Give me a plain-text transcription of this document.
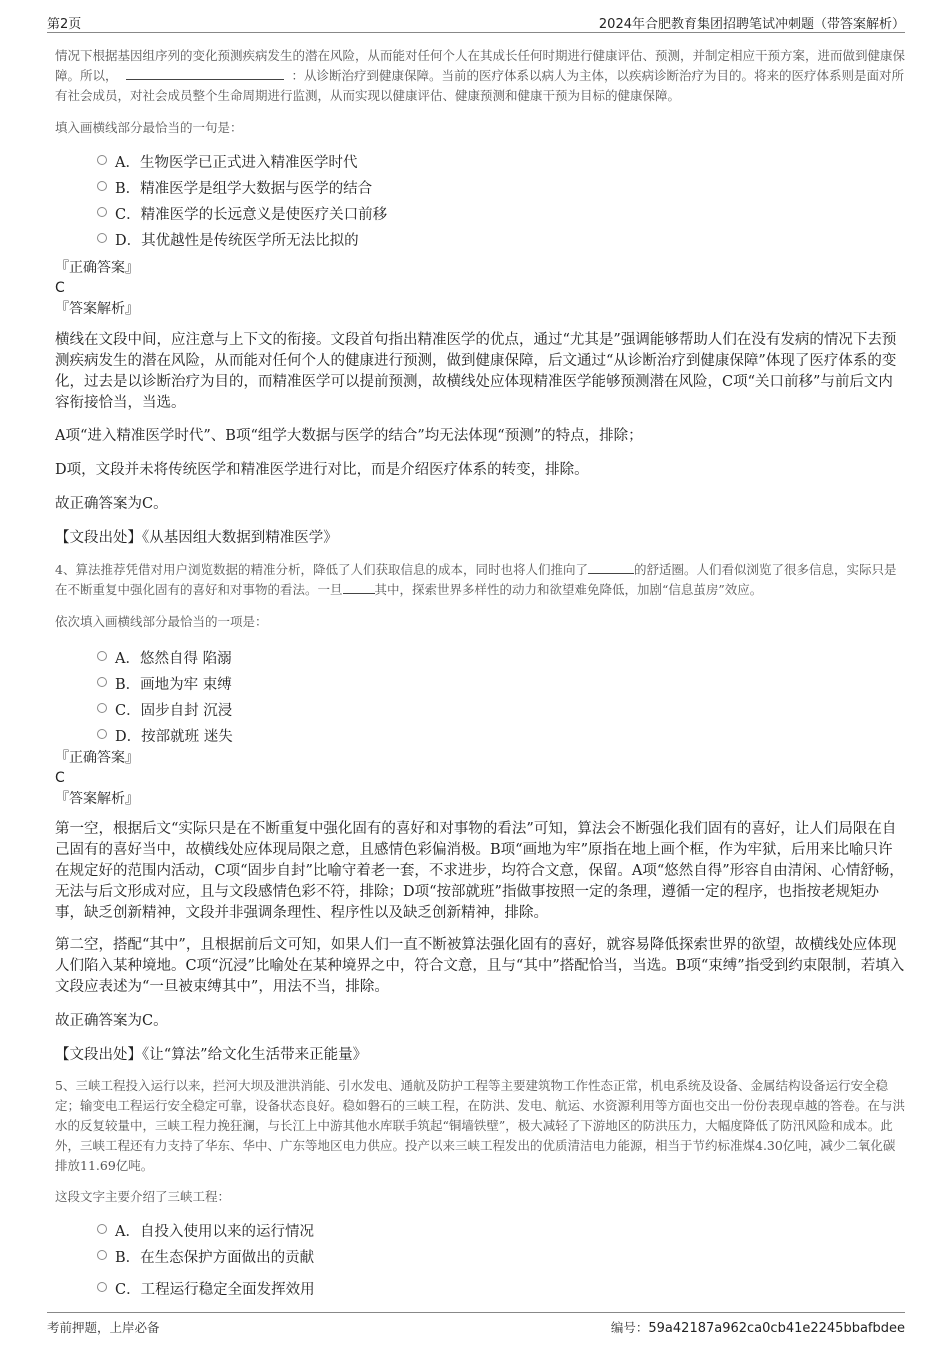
第2页	2024年合肥教育集团招聘笔试冲刺题（带答案解析）

情况下根据基因组序列的变化预测疾病发生的潜在风险，从而能对任何个人在其成长任何时期进行健康评估、预测，并制定相应干预方案，进而做到健康保障。所以，	：从诊断治疗到健康保障。当前的医疗体系以病人为主体，以疾病诊断治疗为目的。将来的医疗体系则是面对所有社会成员，对社会成员整个生命周期进行监测，从而实现以健康评估、健康预测和健康干预为目标的健康保障。

填入画横线部分最恰当的一句是：

A．生物医学已正式进入精准医学时代
B．精准医学是组学大数据与医学的结合
C．精准医学的长远意义是使医疗关口前移
D．其优越性是传统医学所无法比拟的

『正确答案』

C

『答案解析』

横线在文段中间，应注意与上下文的衔接。文段首句指出精准医学的优点，通过“尤其是”强调能够帮助人们在没有发病的情况下去预测疾病发生的潜在风险，从而能对任何个人的健康进行预测，做到健康保障，后文通过“从诊断治疗到健康保障”体现了医疗体系的变化，过去是以诊断治疗为目的，而精准医学可以提前预测，故横线处应体现精准医学能够预测潜在风险，C项“关口前移”与前后文内容衔接恰当，当选。

A项“进入精准医学时代”、B项“组学大数据与医学的结合”均无法体现“预测”的特点，排除；

D项，文段并未将传统医学和精准医学进行对比，而是介绍医疗体系的转变，排除。

故正确答案为C。

【文段出处】《从基因组大数据到精准医学》

4、算法推荐凭借对用户浏览数据的精准分析，降低了人们获取信息的成本，同时也将人们推向了	的舒适圈。人们看似浏览了很多信息，实际只是在不断重复中强化固有的喜好和对事物的看法。一旦	其中，探索世界多样性的动力和欲望难免降低，加剧“信息茧房”效应。

依次填入画横线部分最恰当的一项是：

A．悠然自得 陷溺
B．画地为牢 束缚
C．固步自封 沉浸
D．按部就班 迷失

『正确答案』

C

『答案解析』

第一空，根据后文“实际只是在不断重复中强化固有的喜好和对事物的看法”可知，算法会不断强化我们固有的喜好，让人们局限在自己固有的喜好当中，故横线处应体现局限之意，且感情色彩偏消极。B项“画地为牢”原指在地上画个框，作为牢狱，后用来比喻只许在规定好的范围内活动，C项“固步自封”比喻守着老一套，不求进步，均符合文意，保留。A项“悠然自得”形容自由清闲、心情舒畅，无法与后文形成对应，且与文段感情色彩不符，排除；D项“按部就班”指做事按照一定的条理，遵循一定的程序，也指按老规矩办事，缺乏创新精神，文段并非强调条理性、程序性以及缺乏创新精神，排除。

第二空，搭配“其中”，且根据前后文可知，如果人们一直不断被算法强化固有的喜好，就容易降低探索世界的欲望，故横线处应体现人们陷入某种境地。C项“沉浸”比喻处在某种境界之中，符合文意，且与“其中”搭配恰当，当选。B项“束缚”指受到约束限制，若填入文段应表述为“一旦被束缚其中”，用法不当，排除。

故正确答案为C。

【文段出处】《让“算法”给文化生活带来正能量》

5、三峡工程投入运行以来，拦河大坝及泄洪消能、引水发电、通航及防护工程等主要建筑物工作性态正常，机电系统及设备、金属结构设备运行安全稳定；输变电工程运行安全稳定可靠，设备状态良好。稳如磐石的三峡工程，在防洪、发电、航运、水资源利用等方面也交出一份份表现卓越的答卷。在与洪水的反复较量中，三峡工程力挽狂澜，与长江上中游其他水库联手筑起“铜墙铁壁”，极大减轻了下游地区的防洪压力，大幅度降低了防汛风险和成本。此外，三峡工程还有力支持了华东、华中、广东等地区电力供应。投产以来三峡工程发出的优质清洁电力能源，相当于节约标准煤4.30亿吨，减少二氧化碳排放11.69亿吨。

这段文字主要介绍了三峡工程：

A．自投入使用以来的运行情况
B．在生态保护方面做出的贡献
C．工程运行稳定全面发挥效用
考前押题，上岸必备	编号：59a42187a962ca0cb41e2245bbafbdee
